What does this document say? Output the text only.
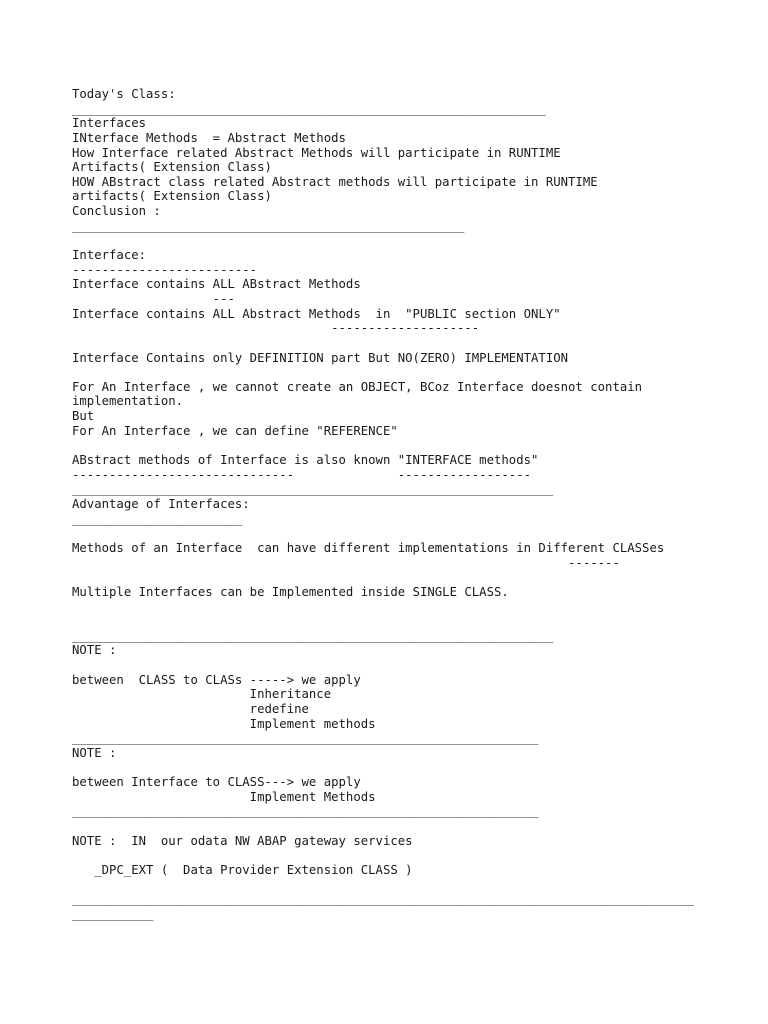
Today's Class:
________________________________________________________________
Interfaces
INterface Methods  = Abstract Methods
How Interface related Abstract Methods will participate in RUNTIME
Artifacts( Extension Class)
HOW ABstract class related Abstract methods will participate in RUNTIME
artifacts( Extension Class)
Conclusion :
_____________________________________________________
Interface:
-------------------------
Interface contains ALL ABstract Methods
---
Interface contains ALL Abstract Methods  in  "PUBLIC section ONLY"
--------------------
Interface Contains only DEFINITION part But NO(ZERO) IMPLEMENTATION
For An Interface , we cannot create an OBJECT, BCoz Interface doesnot contain
implementation.
But
For An Interface , we can define "REFERENCE"
ABstract methods of Interface is also known "INTERFACE methods"
------------------------------              ------------------
_________________________________________________________________
Advantage of Interfaces:
_______________________
Methods of an Interface  can have different implementations in Different CLASSes
-------
Multiple Interfaces can be Implemented inside SINGLE CLASS.
_________________________________________________________________
NOTE :
between  CLASS to CLASs -----> we apply
Inheritance
redefine
Implement methods
_______________________________________________________________
NOTE :
between Interface to CLASS---> we apply
Implement Methods
_______________________________________________________________
NOTE :  IN  our odata NW ABAP gateway services
_DPC_EXT (  Data Provider Extension CLASS )
____________________________________________________________________________________
___________
